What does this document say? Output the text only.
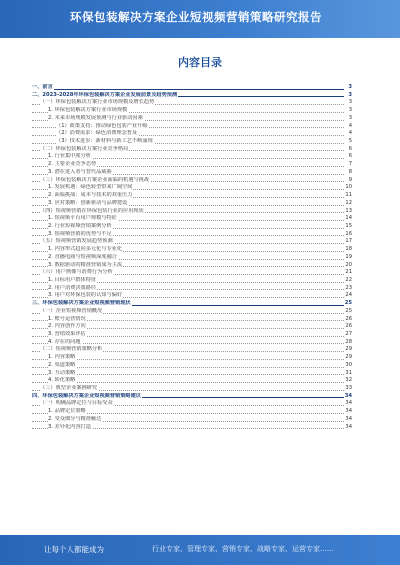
环保包装解决方案企业短视频营销策略研究报告
内容目录
一、前言	3
二、2023-2028年环保包装解决方案企业发展前景及趋势预测	3
（一）环保包装解决方案行业市场规模及增长趋势	3
1. 环保包装解决方案行业市场规模	3
2. 未来市场规模发展预测与行业驱动因素	3
（1）政策支持：推动绿色包装产业升级	4
（2）消费需求：绿色消费理念普及	4
（3）技术进步：新材料与新工艺不断涌现	5
（二）环保包装解决方案行业竞争格局	6
1. 行业集中度分析	6
2. 主要企业竞争态势	7
3. 潜在进入者与替代品威胁	8
（三）环保包装解决方案企业面临的机遇与挑战	9
1. 发展机遇：绿色转型带来广阔空间	10
2. 面临挑战：成本与技术的双重压力	11
3. 应对策略：创新驱动与品牌建设	12
（四）短视频营销在环保包装行业的应用现状	13
1. 短视频平台用户规模与特征	14
2. 行业短视频营销案例分析	15
3. 短视频营销的优势与不足	16
（五）短视频营销发展趋势预测	17
1. 内容形式趋向多元化与专业化	18
2. 直播电商与短视频深度融合	19
3. 数据驱动的精准营销成为主流	20
（六）用户画像与消费行为分析	21
1. 目标用户群体特征	22
2. 用户消费决策路径	23
3. 用户对环保包装的认知与偏好	24
三、环保包装解决方案企业短视频营销现状	25
（一）企业短视频营销概况	25
1. 账号运营情况	26
2. 内容创作方向	26
3. 营销效果评估	27
4. 存在的问题	28
（二）短视频营销策略分析	29
1. 内容策略	29
2. 渠道策略	30
3. 互动策略	31
4. 转化策略	32
（三）典型企业案例研究	33
四、环保包装解决方案企业短视频营销策略建议	34
（一）明确品牌定位与目标受众	34
1. 品牌定位策略	34
2. 受众细分与精准触达	34
3. 差异化内容打造	34
让每个人都能成为	行业专家、管理专家、营销专家、战略专家、运营专家……
